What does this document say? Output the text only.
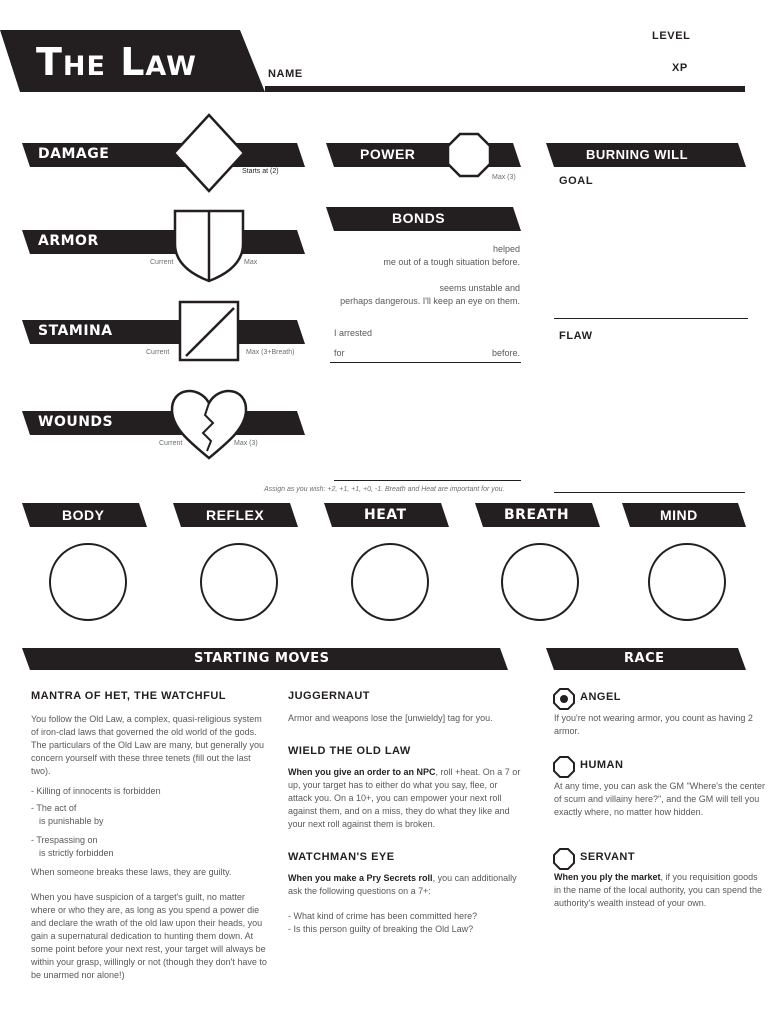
The Law	NAME
LEVEL
XP
DAMAGE
Starts at (2)
ARMOR
Current	Max
STAMINA
Current	Max (3+Breath)
WOUNDS
Current	Max (3)
POWER
Max (3)
BONDS
helped
me out of a tough situation before.
seems unstable and
perhaps dangerous. I'll keep an eye on them.
I arrested
for	before.
BURNING WILL
GOAL
FLAW
Assign as you wish: +2, +1, +1, +0, -1. Breath and Heat are important for you.
BODY	REFLEX	HEAT	BREATH	MIND
STARTING MOVES	RACE
MANTRA OF HET, THE WATCHFUL
You follow the Old Law, a complex, quasi-religious system of iron-clad laws that governed the old world of the gods. The particulars of the Old Law are many, but generally you concern yourself with these three tenets (fill out the last two).
- Killing of innocents is forbidden
- The act of
is punishable by
- Trespassing on
is strictly forbidden
When someone breaks these laws, they are guilty.
When you have suspicion of a target's guilt, no matter where or who they are, as long as you spend a power die and declare the wrath of the old law upon their heads, you gain a supernatural dedication to hunting them down. At some point before your next rest, your target will always be within your grasp, willingly or not (though they don't have to be unarmed nor alone!)
JUGGERNAUT
Armor and weapons lose the [unwieldy] tag for you.
WIELD THE OLD LAW
When you give an order to an NPC, roll +heat. On a 7 or up, your target has to either do what you say, flee, or attack you. On a 10+, you can empower your next roll against them, and on a miss, they do what they like and your next roll against them is broken.
WATCHMAN'S EYE
When you make a Pry Secrets roll, you can additionally ask the following questions on a 7+:
- What kind of crime has been committed here?
- Is this person guilty of breaking the Old Law?
ANGEL
If you're not wearing armor, you count as having 2 armor.
HUMAN
At any time, you can ask the GM "Where's the center of scum and villainy here?", and the GM will tell you exactly where, no matter how hidden.
SERVANT
When you ply the market, if you requisition goods in the name of the local authority, you can spend the authority's wealth instead of your own.
